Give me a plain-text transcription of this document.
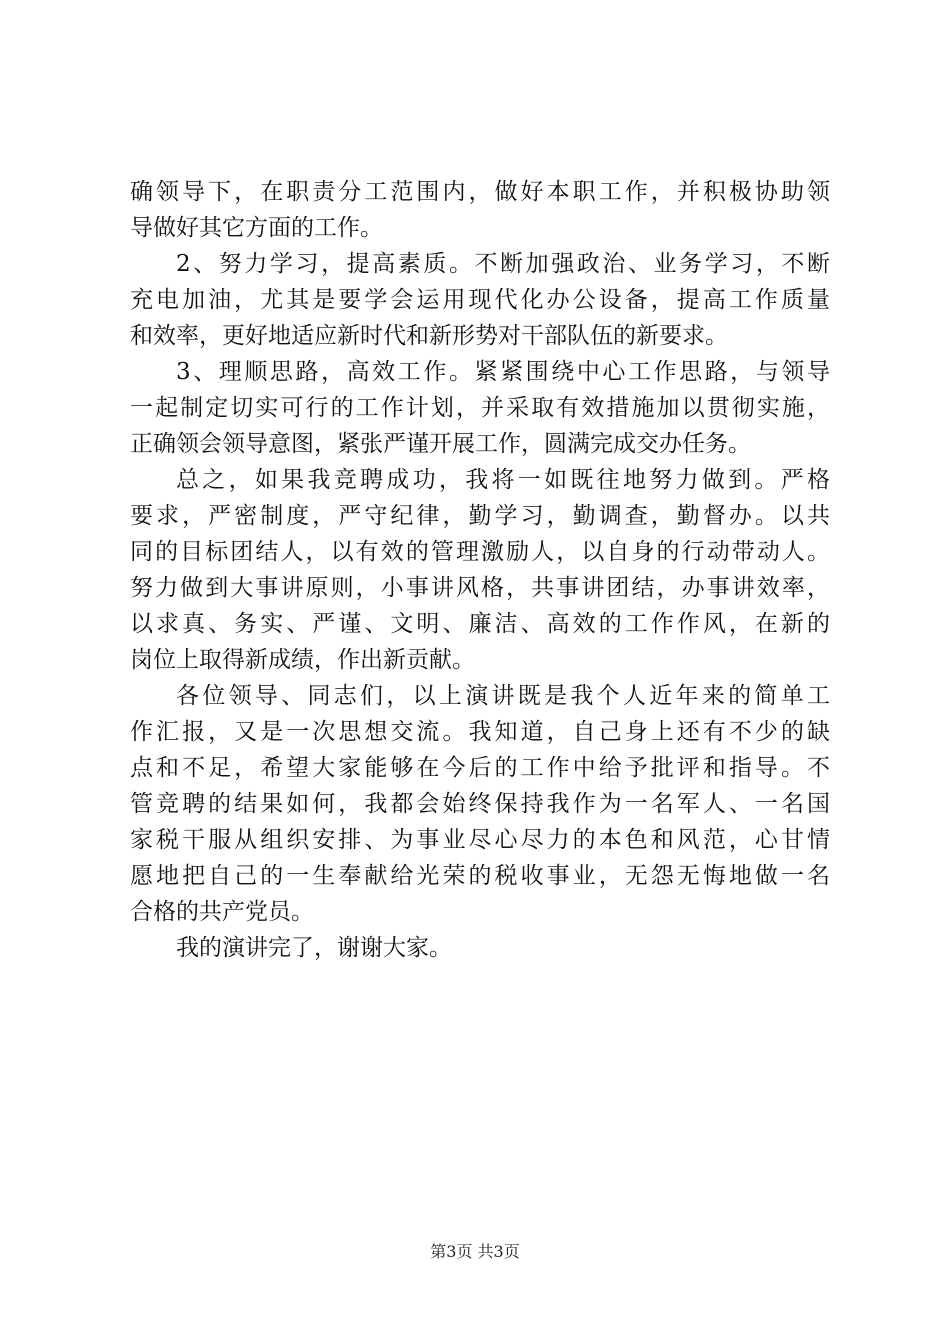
确领导下，在职责分工范围内，做好本职工作，并积极协助领
导做好其它方面的工作。
2、努力学习，提高素质。不断加强政治、业务学习，不断
充电加油，尤其是要学会运用现代化办公设备，提高工作质量
和效率，更好地适应新时代和新形势对干部队伍的新要求。
3、理顺思路，高效工作。紧紧围绕中心工作思路，与领导
一起制定切实可行的工作计划，并采取有效措施加以贯彻实施，
正确领会领导意图，紧张严谨开展工作，圆满完成交办任务。
总之，如果我竞聘成功，我将一如既往地努力做到。严格
要求，严密制度，严守纪律，勤学习，勤调查，勤督办。以共
同的目标团结人，以有效的管理激励人，以自身的行动带动人。
努力做到大事讲原则，小事讲风格，共事讲团结，办事讲效率，
以求真、务实、严谨、文明、廉洁、高效的工作作风，在新的
岗位上取得新成绩，作出新贡献。
各位领导、同志们，以上演讲既是我个人近年来的简单工
作汇报，又是一次思想交流。我知道，自己身上还有不少的缺
点和不足，希望大家能够在今后的工作中给予批评和指导。不
管竞聘的结果如何，我都会始终保持我作为一名军人、一名国
家税干服从组织安排、为事业尽心尽力的本色和风范，心甘情
愿地把自己的一生奉献给光荣的税收事业，无怨无悔地做一名
合格的共产党员。
我的演讲完了，谢谢大家。
第3页 共3页
